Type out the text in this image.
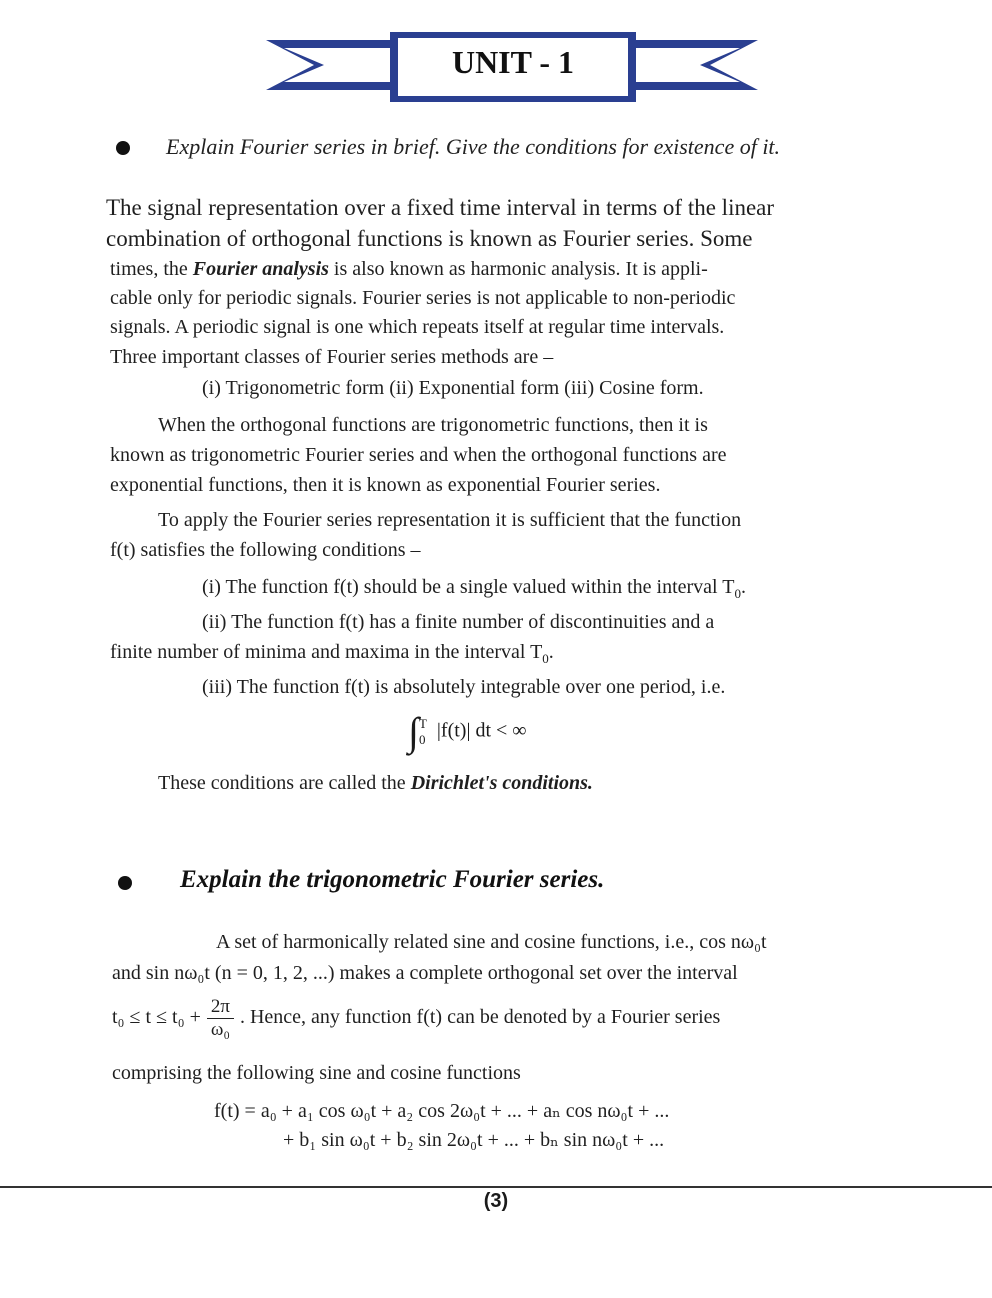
UNIT - 1
Explain Fourier series in brief. Give the conditions for existence of it.
The signal representation over a fixed time interval in terms of the linear
combination of orthogonal functions is known as Fourier series. Some
times, the Fourier analysis is also known as harmonic analysis. It is appli-
cable only for periodic signals. Fourier series is not applicable to non-periodic
signals. A periodic signal is one which repeats itself at regular time intervals.
Three important classes of Fourier series methods are –
(i) Trigonometric form (ii) Exponential form (iii) Cosine form.
When the orthogonal functions are trigonometric functions, then it is
known as trigonometric Fourier series and when the orthogonal functions are
exponential functions, then it is known as exponential Fourier series.
To apply the Fourier series representation it is sufficient that the function
f(t) satisfies the following conditions –
(i) The function f(t) should be a single valued within the interval $T_0$.
(ii) The function f(t) has a finite number of discontinuities and a
finite number of minima and maxima in the interval $T_0$.
(iii) The function f(t) is absolutely integrable over one period, i.e.
∫T
0 |f(t)| dt < ∞
These conditions are called the Dirichlet's conditions.
Explain the trigonometric Fourier series.
A set of harmonically related sine and cosine functions, i.e., cos nω₀t
and sin nω₀t (n = 0, 1, 2, ...) makes a complete orthogonal set over the interval
$t_0 \le t \le t_0 + \frac{2\pi}{\text{ω₀}}$ . Hence, any function f(t) can be denoted by a Fourier series
comprising the following sine and cosine functions
f(t) = a₀ + a₁ cos ω₀t + a₂ cos 2ω₀t + ... + aₙ cos nω₀t + ...
+ b₁ sin ω₀t + b₂ sin 2ω₀t + ... + bₙ sin nω₀t + ...
(3)
